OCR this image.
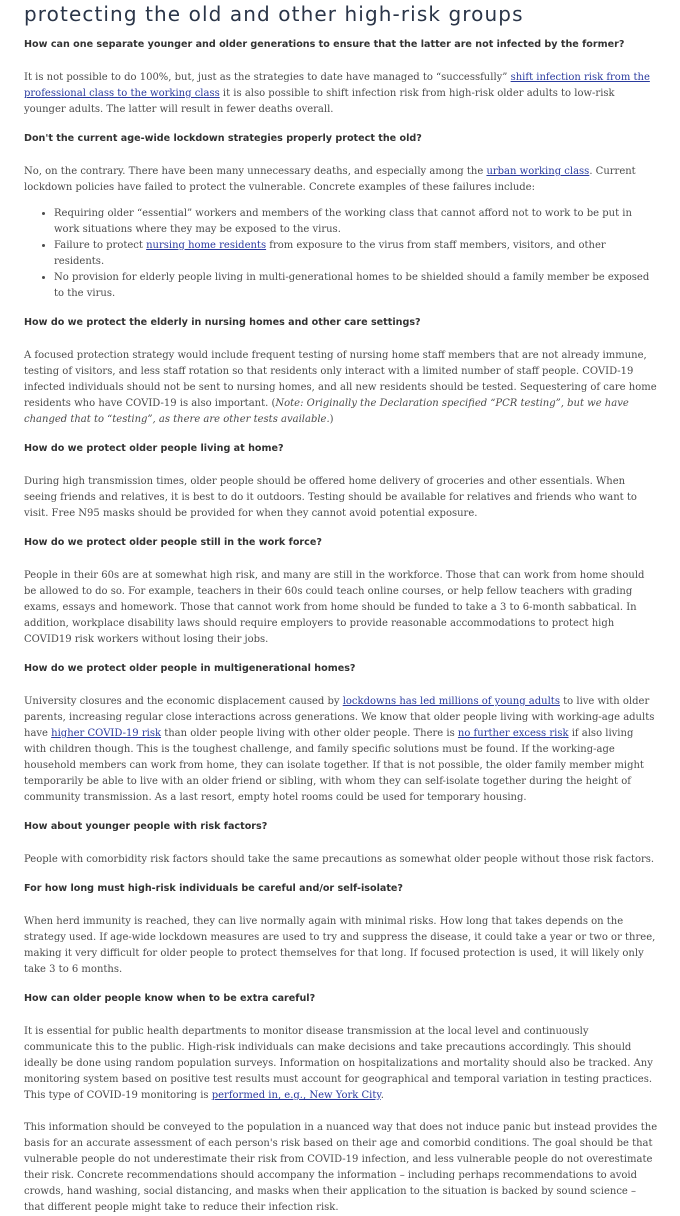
protecting the old and other high-risk groups
How can one separate younger and older generations to ensure that the latter are not infected by the former?

It is not possible to do 100%, but, just as the strategies to date have managed to “successfully” shift infection risk from the professional class to the working class it is also possible to shift infection risk from high-risk older adults to low-risk younger adults. The latter will result in fewer deaths overall.

Don't the current age-wide lockdown strategies properly protect the old?

No, on the contrary. There have been many unnecessary deaths, and especially among the urban working class. Current lockdown policies have failed to protect the vulnerable. Concrete examples of these failures include:

• Requiring older “essential” workers and members of the working class that cannot afford not to work to be put in work situations where they may be exposed to the virus.
• Failure to protect nursing home residents from exposure to the virus from staff members, visitors, and other residents.
• No provision for elderly people living in multi-generational homes to be shielded should a family member be exposed to the virus.
How do we protect the elderly in nursing homes and other care settings?

A focused protection strategy would include frequent testing of nursing home staff members that are not already immune, testing of visitors, and less staff rotation so that residents only interact with a limited number of staff people. COVID-19 infected individuals should not be sent to nursing homes, and all new residents should be tested. Sequestering of care home residents who have COVID-19 is also important. (Note: Originally the Declaration specified “PCR testing”, but we have changed that to “testing”, as there are other tests available.)

How do we protect older people living at home?

During high transmission times, older people should be offered home delivery of groceries and other essentials. When seeing friends and relatives, it is best to do it outdoors. Testing should be available for relatives and friends who want to visit. Free N95 masks should be provided for when they cannot avoid potential exposure.

How do we protect older people still in the work force?

People in their 60s are at somewhat high risk, and many are still in the workforce. Those that can work from home should be allowed to do so. For example, teachers in their 60s could teach online courses, or help fellow teachers with grading exams, essays and homework. Those that cannot work from home should be funded to take a 3 to 6-month sabbatical. In addition, workplace disability laws should require employers to provide reasonable accommodations to protect high COVID19 risk workers without losing their jobs.

How do we protect older people in multigenerational homes?

University closures and the economic displacement caused by lockdowns has led millions of young adults to live with older parents, increasing regular close interactions across generations. We know that older people living with working-age adults have higher COVID-19 risk than older people living with other older people. There is no further excess risk if also living with children though. This is the toughest challenge, and family specific solutions must be found. If the working-age household members can work from home, they can isolate together. If that is not possible, the older family member might temporarily be able to live with an older friend or sibling, with whom they can self-isolate together during the height of community transmission. As a last resort, empty hotel rooms could be used for temporary housing.

How about younger people with risk factors?

People with comorbidity risk factors should take the same precautions as somewhat older people without those risk factors.

For how long must high-risk individuals be careful and/or self-isolate?

When herd immunity is reached, they can live normally again with minimal risks. How long that takes depends on the strategy used. If age-wide lockdown measures are used to try and suppress the disease, it could take a year or two or three, making it very difficult for older people to protect themselves for that long. If focused protection is used, it will likely only take 3 to 6 months.

How can older people know when to be extra careful?

It is essential for public health departments to monitor disease transmission at the local level and continuously communicate this to the public. High-risk individuals can make decisions and take precautions accordingly. This should ideally be done using random population surveys. Information on hospitalizations and mortality should also be tracked. Any monitoring system based on positive test results must account for geographical and temporal variation in testing practices. This type of COVID-19 monitoring is performed in, e.g., New York City.

This information should be conveyed to the population in a nuanced way that does not induce panic but instead provides the basis for an accurate assessment of each person's risk based on their age and comorbid conditions. The goal should be that vulnerable people do not underestimate their risk from COVID-19 infection, and less vulnerable people do not overestimate their risk. Concrete recommendations should accompany the information – including perhaps recommendations to avoid crowds, hand washing, social distancing, and masks when their application to the situation is backed by sound science – that different people might take to reduce their infection risk.
